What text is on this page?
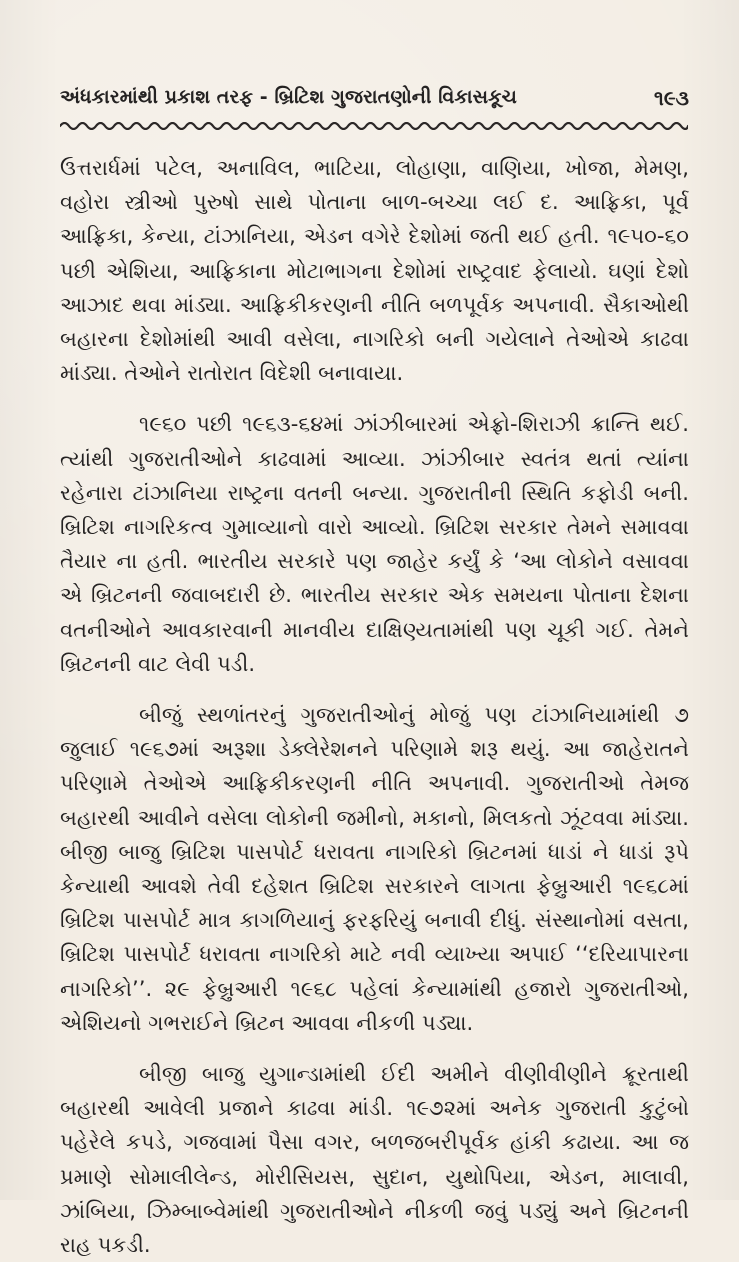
અંધકારમાંથી પ્રકાશ તરફ - બ્રિટિશ ગુજરાતણોની વિકાસકૂચ	૧૯૩

ઉત્તરાર્ધમાં પટેલ, અનાવિલ, ભાટિયા, લોહાણા, વાણિયા, ખોજા, મેમણ, વહોરા સ્ત્રીઓ પુરુષો સાથે પોતાના બાળ-બચ્ચા લઈ દ. આફ્રિકા, પૂર્વ આફ્રિકા, કેન્યા, ટાંઝાનિયા, એડન વગેરે દેશોમાં જતી થઈ હતી. ૧૯૫૦-૬૦ પછી એશિયા, આફ્રિકાના મોટાભાગના દેશોમાં રાષ્ટ્રવાદ ફેલાયો. ઘણાં દેશો આઝાદ થવા માંડ્યા. આફ્રિકીકરણની નીતિ બળપૂર્વક અપનાવી. સૈકાઓથી બહારના દેશોમાંથી આવી વસેલા, નાગરિકો બની ગયેલાને તેઓએ કાઢવા માંડ્યા. તેઓને રાતોરાત વિદેશી બનાવાયા.

૧૯૬૦ પછી ૧૯૬૩-૬૪માં ઝાંઝીબારમાં એફ્રો-શિરાઝી ક્રાન્તિ થઈ. ત્યાંથી ગુજરાતીઓને કાઢવામાં આવ્યા. ઝાંઝીબાર સ્વતંત્ર થતાં ત્યાંના રહેનારા ટાંઝાનિયા રાષ્ટ્રના વતની બન્યા. ગુજરાતીની સ્થિતિ કફોડી બની. બ્રિટિશ નાગરિકત્વ ગુમાવ્યાનો વારો આવ્યો. બ્રિટિશ સરકાર તેમને સમાવવા તૈયાર ના હતી. ભારતીય સરકારે પણ જાહેર કર્યું કે ‘આ લોકોને વસાવવા એ બ્રિટનની જવાબદારી છે. ભારતીય સરકાર એક સમયના પોતાના દેશના વતનીઓને આવકારવાની માનવીય દાક્ષિણ્યતામાંથી પણ ચૂકી ગઈ. તેમને બ્રિટનની વાટ લેવી પડી.

બીજું સ્થળાંતરનું ગુજરાતીઓનું મોજું પણ ટાંઝાનિયામાંથી ૭ જુલાઈ ૧૯૬૭માં અરૂશા ડેક્લેરેશનને પરિણામે શરૂ થયું. આ જાહેરાતને પરિણામે તેઓએ આફ્રિકીકરણની નીતિ અપનાવી. ગુજરાતીઓ તેમજ બહારથી આવીને વસેલા લોકોની જમીનો, મકાનો, મિલકતો ઝૂંટવવા માંડ્યા. બીજી બાજુ બ્રિટિશ પાસપોર્ટ ધરાવતા નાગરિકો બ્રિટનમાં ધાડાં ને ધાડાં રૂપે કેન્યાથી આવશે તેવી દહેશત બ્રિટિશ સરકારને લાગતા ફેબ્રુઆરી ૧૯૬૮માં બ્રિટિશ પાસપોર્ટ માત્ર કાગળિયાનું ફરફરિયું બનાવી દીધું. સંસ્થાનોમાં વસતા, બ્રિટિશ પાસપોર્ટ ધરાવતા નાગરિકો માટે નવી વ્યાખ્યા અપાઈ ‘‘દરિયાપારના નાગરિકો’’. ૨૯ ફેબ્રુઆરી ૧૯૬૮ પહેલાં કેન્યામાંથી હજારો ગુજરાતીઓ, એશિયનો ગભરાઈને બ્રિટન આવવા નીકળી પડ્યા.

બીજી બાજુ યુગાન્ડામાંથી ઈદી અમીને વીણીવીણીને ક્રૂરતાથી બહારથી આવેલી પ્રજાને કાઢવા માંડી. ૧૯૭૨માં અનેક ગુજરાતી કુટુંબો પહેરેલે કપડે, ગજવામાં પૈસા વગર, બળજબરીપૂર્વક હાંકી કઢાયા. આ જ પ્રમાણે સોમાલીલેન્ડ, મોરીસિયસ, સુદાન, યુથોપિયા, એડન, માલાવી, ઝાંબિયા, ઝિમ્બાબ્વેમાંથી ગુજરાતીઓને નીકળી જવું પડ્યું અને બ્રિટનની રાહ પકડી.
